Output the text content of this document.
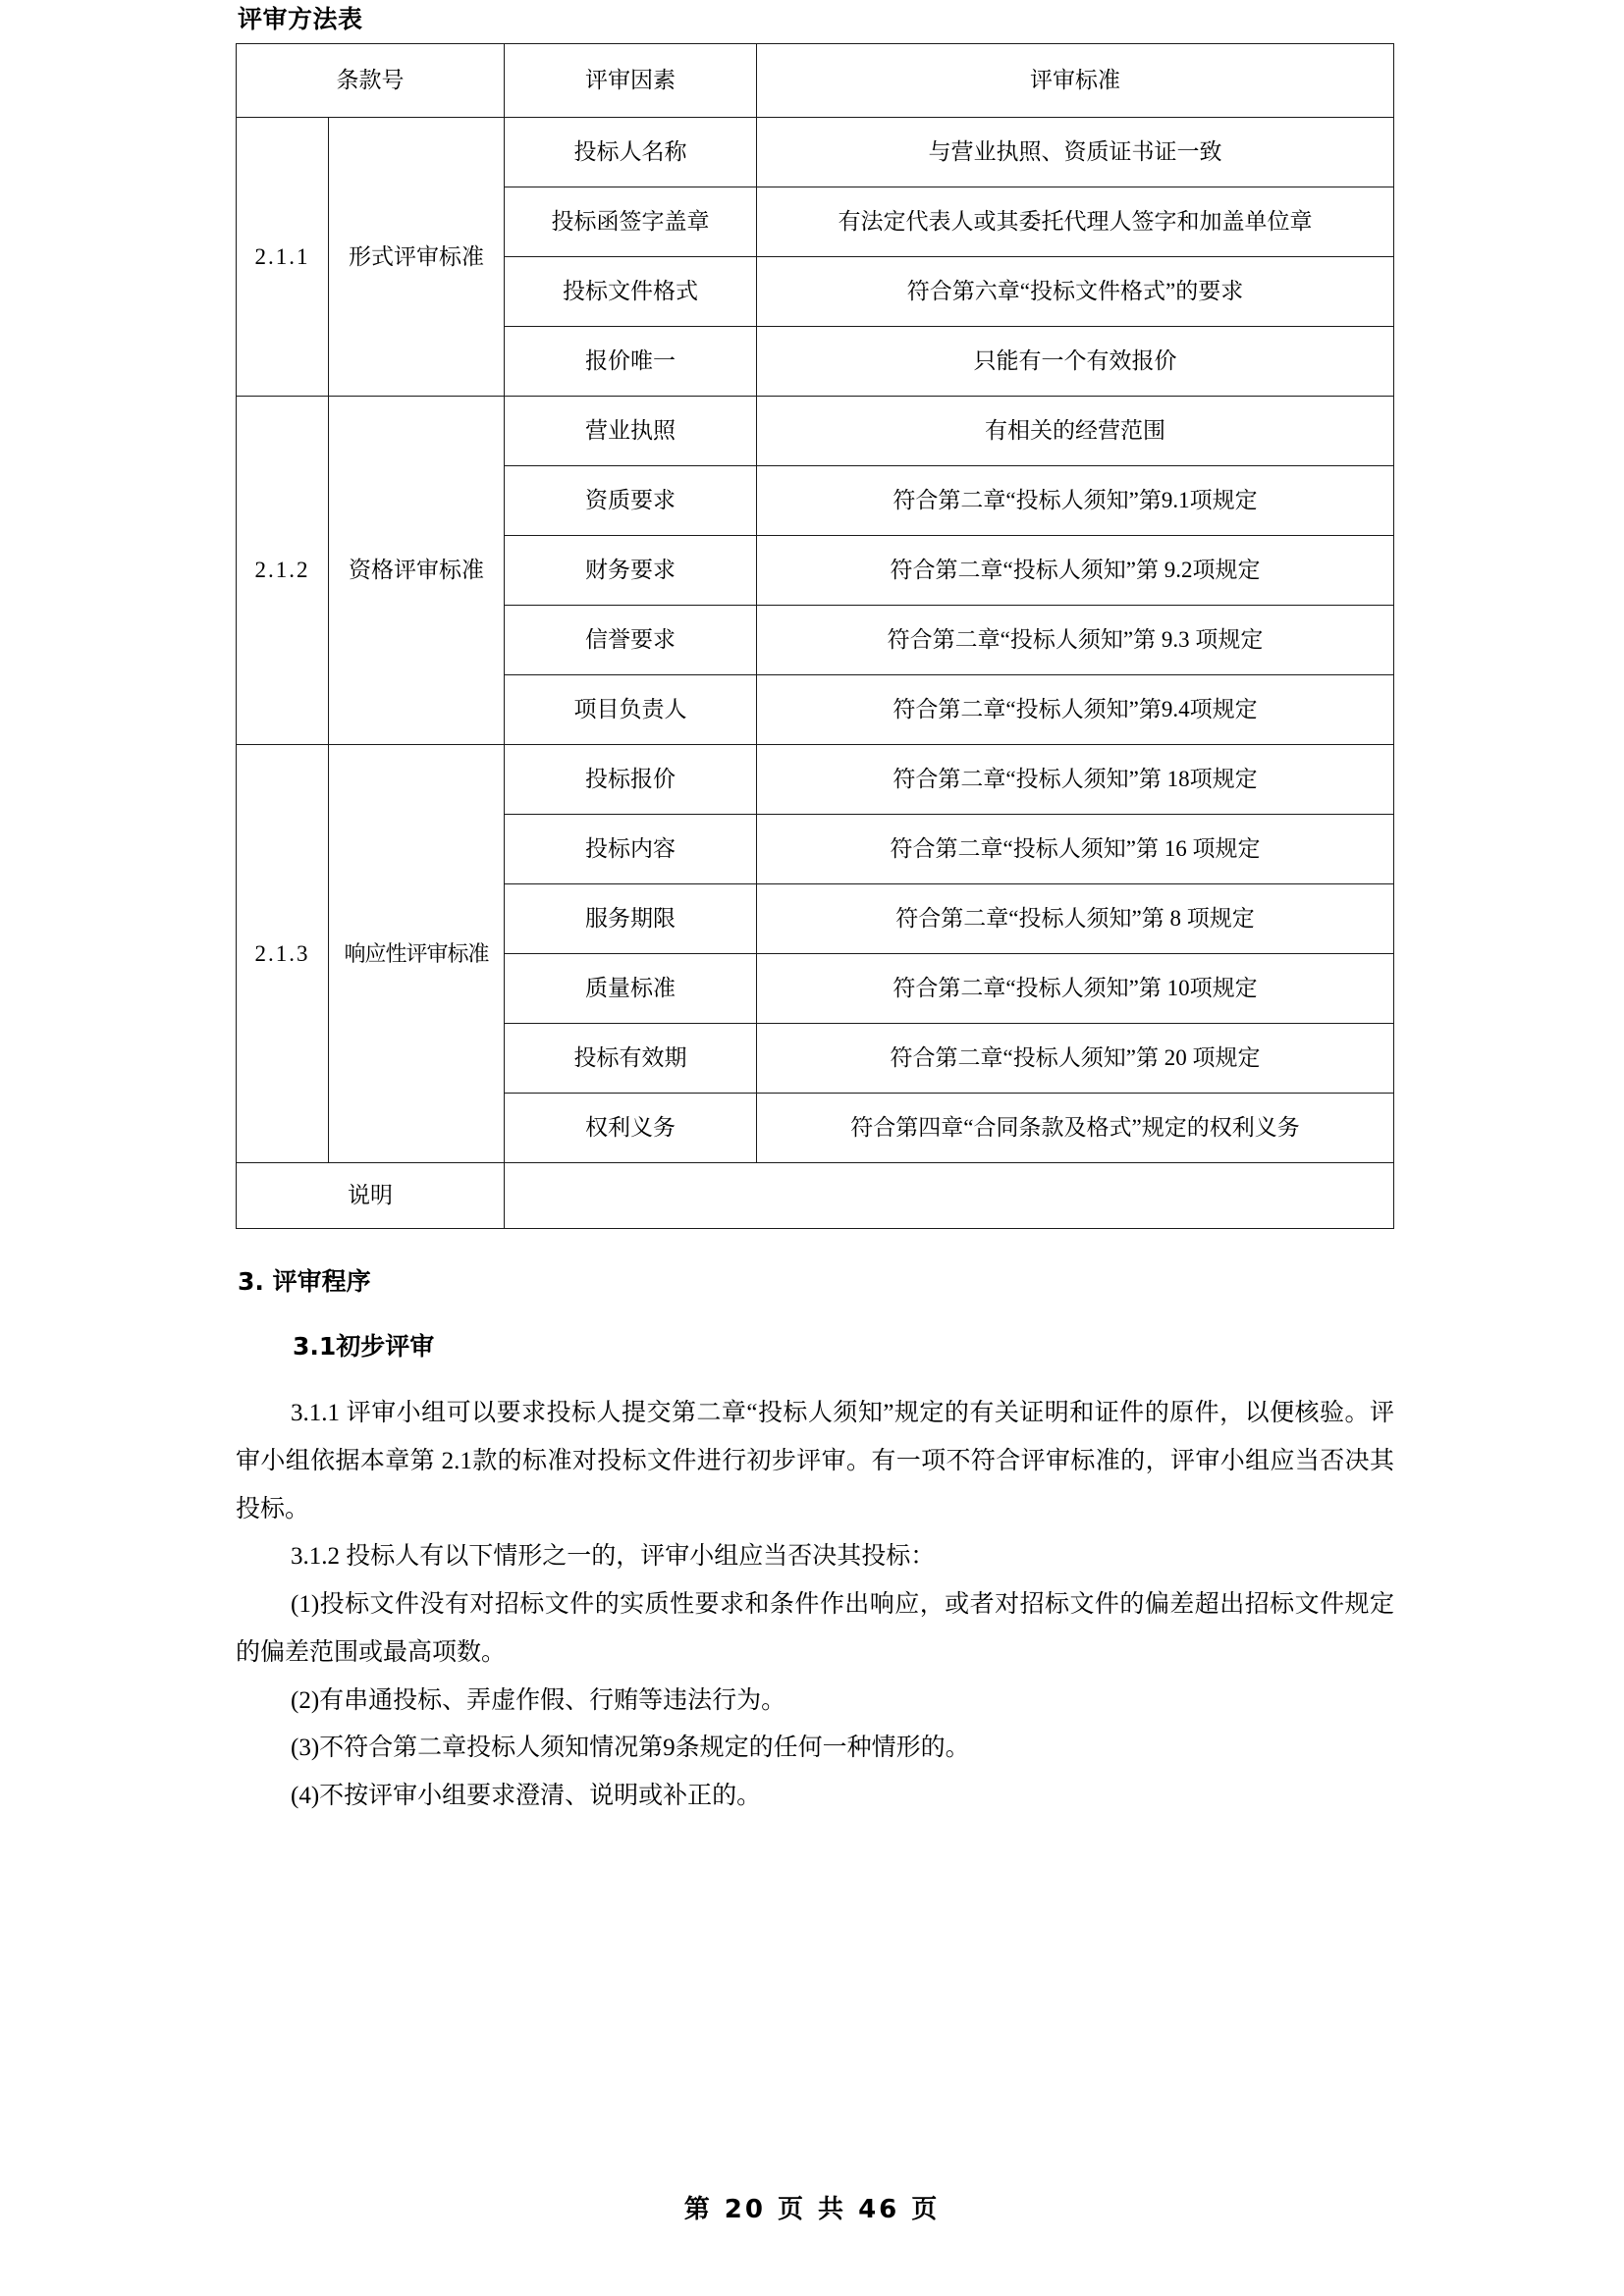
评审方法表
条款号		评审因素	评审标准
2.1.1	形式评审标准	投标人名称	与营业执照、资质证书证一致
		投标函签字盖章	有法定代表人或其委托代理人签字和加盖单位章
		投标文件格式	符合第六章“投标文件格式”的要求
		报价唯一	只能有一个有效报价
2.1.2	资格评审标准	营业执照	有相关的经营范围
		资质要求	符合第二章“投标人须知”第9.1项规定
		财务要求	符合第二章“投标人须知”第 9.2项规定
		信誉要求	符合第二章“投标人须知”第 9.3 项规定
		项目负责人	符合第二章“投标人须知”第9.4项规定
2.1.3	响应性评审标准	投标报价	符合第二章“投标人须知”第 18项规定
		投标内容	符合第二章“投标人须知”第 16 项规定
		服务期限	符合第二章“投标人须知”第 8 项规定
		质量标准	符合第二章“投标人须知”第 10项规定
		投标有效期	符合第二章“投标人须知”第 20 项规定
		权利义务	符合第四章“合同条款及格式”规定的权利义务
说明			
3. 评审程序
3.1初步评审

3.1.1 评审小组可以要求投标人提交第二章“投标人须知”规定的有关证明和证件的原件，以便核验。评审小组依据本章第 2.1款的标准对投标文件进行初步评审。有一项不符合评审标准的，评审小组应当否决其投标。

3.1.2 投标人有以下情形之一的，评审小组应当否决其投标：

(1)投标文件没有对招标文件的实质性要求和条件作出响应，或者对招标文件的偏差超出招标文件规定的偏差范围或最高项数。

(2)有串通投标、弄虚作假、行贿等违法行为。

(3)不符合第二章投标人须知情况第9条规定的任何一种情形的。

(4)不按评审小组要求澄清、说明或补正的。

第 20 页 共 46 页
